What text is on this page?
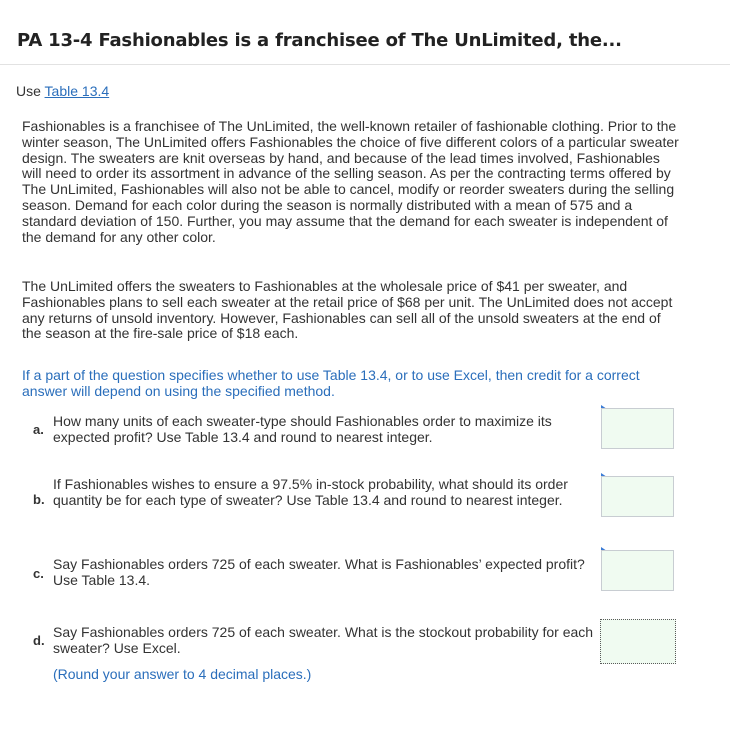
PA 13-4 Fashionables is a franchisee of The UnLimited, the...
Use Table 13.4
Fashionables is a franchisee of The UnLimited, the well-known retailer of fashionable clothing. Prior to the winter season, The UnLimited offers Fashionables the choice of five different colors of a particular sweater design. The sweaters are knit overseas by hand, and because of the lead times involved, Fashionables will need to order its assortment in advance of the selling season. As per the contracting terms offered by The UnLimited, Fashionables will also not be able to cancel, modify or reorder sweaters during the selling season. Demand for each color during the season is normally distributed with a mean of 575 and a standard deviation of 150. Further, you may assume that the demand for each sweater is independent of the demand for any other color.
The UnLimited offers the sweaters to Fashionables at the wholesale price of $41 per sweater, and Fashionables plans to sell each sweater at the retail price of $68 per unit. The UnLimited does not accept any returns of unsold inventory. However, Fashionables can sell all of the unsold sweaters at the end of the season at the fire-sale price of $18 each.
If a part of the question specifies whether to use Table 13.4, or to use Excel, then credit for a correct answer will depend on using the specified method.
a.
How many units of each sweater-type should Fashionables order to maximize its expected profit? Use Table 13.4 and round to nearest integer.
b.
If Fashionables wishes to ensure a 97.5% in-stock probability, what should its order quantity be for each type of sweater? Use Table 13.4 and round to nearest integer.
c.
Say Fashionables orders 725 of each sweater. What is Fashionables’ expected profit? Use Table 13.4.
d.
Say Fashionables orders 725 of each sweater. What is the stockout probability for each sweater? Use Excel.
(Round your answer to 4 decimal places.)
